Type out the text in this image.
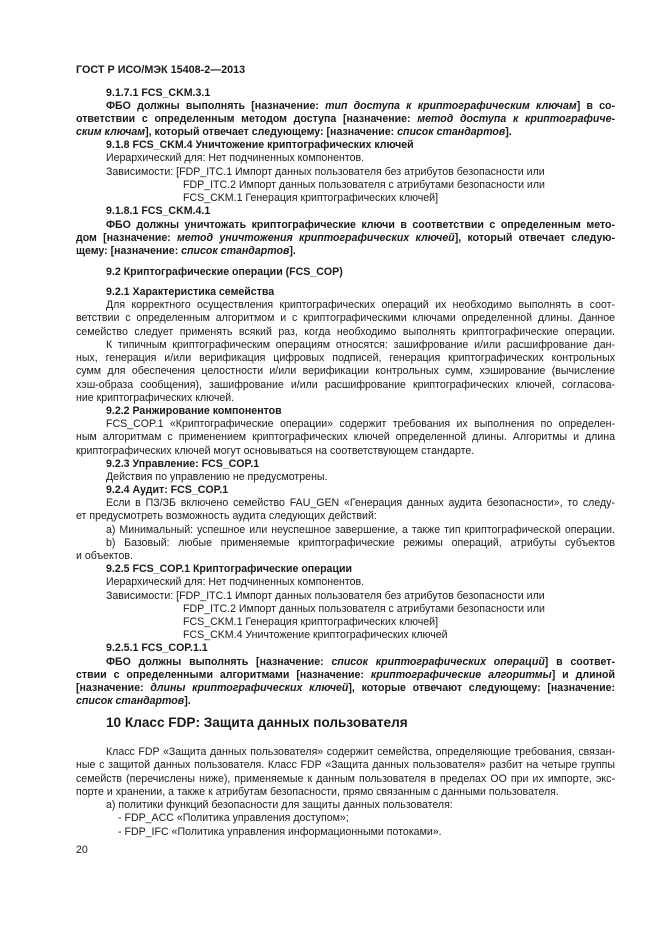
ГОСТ Р ИСО/МЭК 15408-2—2013
9.1.7.1 FCS_CKM.3.1
ФБО должны выполнять [назначение: тип доступа к криптографическим ключам] в со-
ответствии с определенным методом доступа [назначение: метод доступа к криптографиче-
ским ключам], который отвечает следующему: [назначение: список стандартов].
9.1.8 FCS_CKM.4 Уничтожение криптографических ключей
Иерархический для: Нет подчиненных компонентов.
Зависимости: [FDP_ITC.1 Импорт данных пользователя без атрибутов безопасности или
FDP_ITC.2 Импорт данных пользователя с атрибутами безопасности или
FCS_CKM.1 Генерация криптографических ключей]
9.1.8.1 FCS_CKM.4.1
ФБО должны уничтожать криптографические ключи в соответствии с определенным мето-
дом [назначение: метод уничтожения криптографических ключей], который отвечает следую-
щему: [назначение: список стандартов].
9.2 Криптографические операции (FCS_COP)
9.2.1 Характеристика семейства
Для корректного осуществления криптографических операций их необходимо выполнять в соот-
ветствии с определенным алгоритмом и с криптографическими ключами определенной длины. Данное
семейство следует применять всякий раз, когда необходимо выполнять криптографические операции.
К типичным криптографическим операциям относятся: зашифрование и/или расшифрование дан-
ных, генерация и/или верификация цифровых подписей, генерация криптографических контрольных
сумм для обеспечения целостности и/или верификации контрольных сумм, хэширование (вычисление
хэш-образа сообщения), зашифрование и/или расшифрование криптографических ключей, согласова-
ние криптографических ключей.
9.2.2 Ранжирование компонентов
FCS_COP.1 «Криптографические операции» содержит требования их выполнения по определен-
ным алгоритмам с применением криптографических ключей определенной длины. Алгоритмы и длина
криптографических ключей могут основываться на соответствующем стандарте.
9.2.3 Управление: FCS_COP.1
Действия по управлению не предусмотрены.
9.2.4 Аудит: FCS_COP.1
Если в ПЗ/ЗБ включено семейство FAU_GEN «Генерация данных аудита безопасности», то следу-
ет предусмотреть возможность аудита следующих действий:
a) Минимальный: успешное или неуспешное завершение, а также тип криптографической операции.
b) Базовый: любые применяемые криптографические режимы операций, атрибуты субъектов
и объектов.
9.2.5 FCS_COP.1 Криптографические операции
Иерархический для: Нет подчиненных компонентов.
Зависимости: [FDP_ITC.1 Импорт данных пользователя без атрибутов безопасности или
FDP_ITC.2 Импорт данных пользователя с атрибутами безопасности или
FCS_CKM.1 Генерация криптографических ключей]
FCS_CKM.4 Уничтожение криптографических ключей
9.2.5.1 FCS_COP.1.1
ФБО должны выполнять [назначение: список криптографических операций] в соответ-
ствии с определенными алгоритмами [назначение: криптографические алгоритмы] и длиной
[назначение: длины криптографических ключей], которые отвечают следующему: [назначение:
список стандартов].
10 Класс FDP: Защита данных пользователя
Класс FDP «Защита данных пользователя» содержит семейства, определяющие требования, связан-
ные с защитой данных пользователя. Класс FDP «Защита данных пользователя» разбит на четыре группы
семейств (перечислены ниже), применяемые к данным пользователя в пределах ОО при их импорте, экс-
порте и хранении, а также к атрибутам безопасности, прямо связанным с данными пользователя.
a) политики функций безопасности для защиты данных пользователя:
- FDP_ACC «Политика управления доступом»;
- FDP_IFC «Политика управления информационными потоками».
20
